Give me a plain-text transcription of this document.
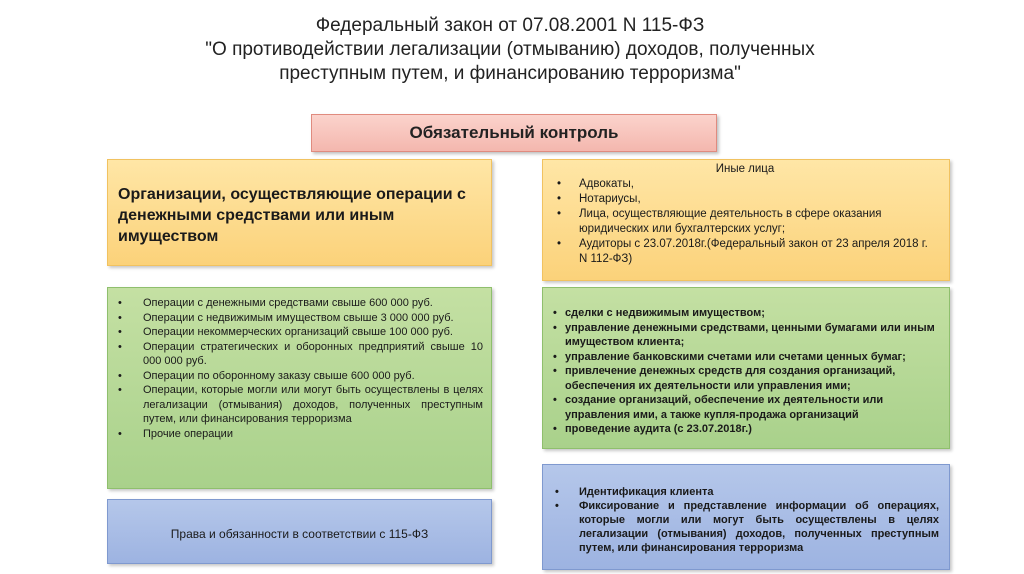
Федеральный закон от 07.08.2001 N 115-ФЗ
"О противодействии легализации (отмыванию) доходов, полученных
преступным путем, и финансированию терроризма"
Обязательный контроль
Организации, осуществляющие операции с денежными средствами или иным имуществом
Иные лица
• Адвокаты,
• Нотариусы,
• Лица, осуществляющие деятельность в сфере оказания юридических или бухгалтерских услуг;
• Аудиторы с 23.07.2018г.(Федеральный закон от 23 апреля 2018 г. N 112-ФЗ)
• Операции с денежными средствами свыше 600 000 руб.
• Операции с недвижимым имуществом свыше 3 000 000 руб.
• Операции некоммерческих организаций свыше 100 000 руб.
• Операции стратегических и оборонных предприятий свыше 10 000 000 руб.
• Операции по оборонному заказу свыше 600 000 руб.
• Операции, которые могли или могут быть осуществлены в целях легализации (отмывания) доходов, полученных преступным путем, или финансирования терроризма
• Прочие операции
• сделки с недвижимым имуществом;
• управление денежными средствами, ценными бумагами или иным имуществом клиента;
• управление банковскими счетами или счетами ценных бумаг;
• привлечение денежных средств для создания организаций, обеспечения их деятельности или управления ими;
• создание организаций, обеспечение их деятельности или управления ими, а также купля-продажа организаций
• проведение аудита (с 23.07.2018г.)
Права и обязанности в соответствии с 115-ФЗ
• Идентификация клиента
• Фиксирование и представление информации об операциях, которые могли или могут быть осуществлены в целях легализации (отмывания) доходов, полученных преступным путем, или финансирования терроризма
